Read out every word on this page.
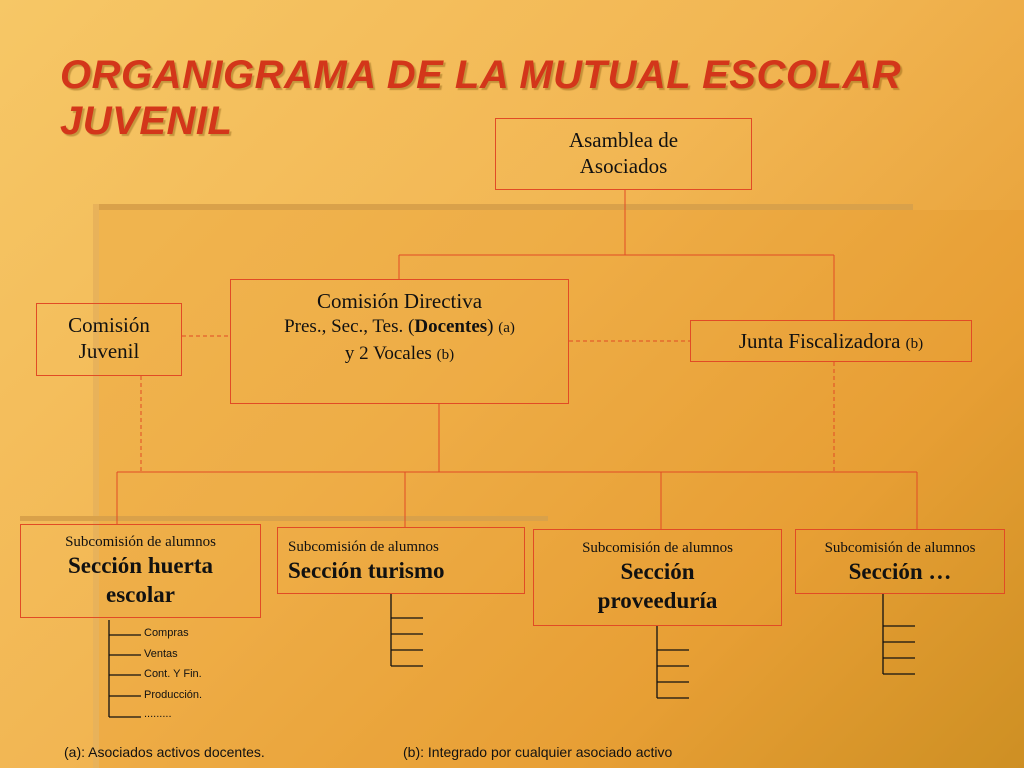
ORGANIGRAMA DE LA MUTUAL ESCOLAR
JUVENIL	Asamblea de
Asociados
Comisión Directiva
Pres., Sec., Tes. (Docentes) (a)
y 2 Vocales (b)
Comisión
Juvenil	Junta Fiscalizadora (b)
Subcomisión de alumnos
Sección huerta
escolar
Subcomisión de alumnos
Sección turismo
Subcomisión de alumnos
Sección
proveeduría
Subcomisión de alumnos
Sección …
Compras
Ventas
Cont. Y Fin.
Producción.
.........
(a): Asociados activos docentes.	(b): Integrado por cualquier asociado activo
